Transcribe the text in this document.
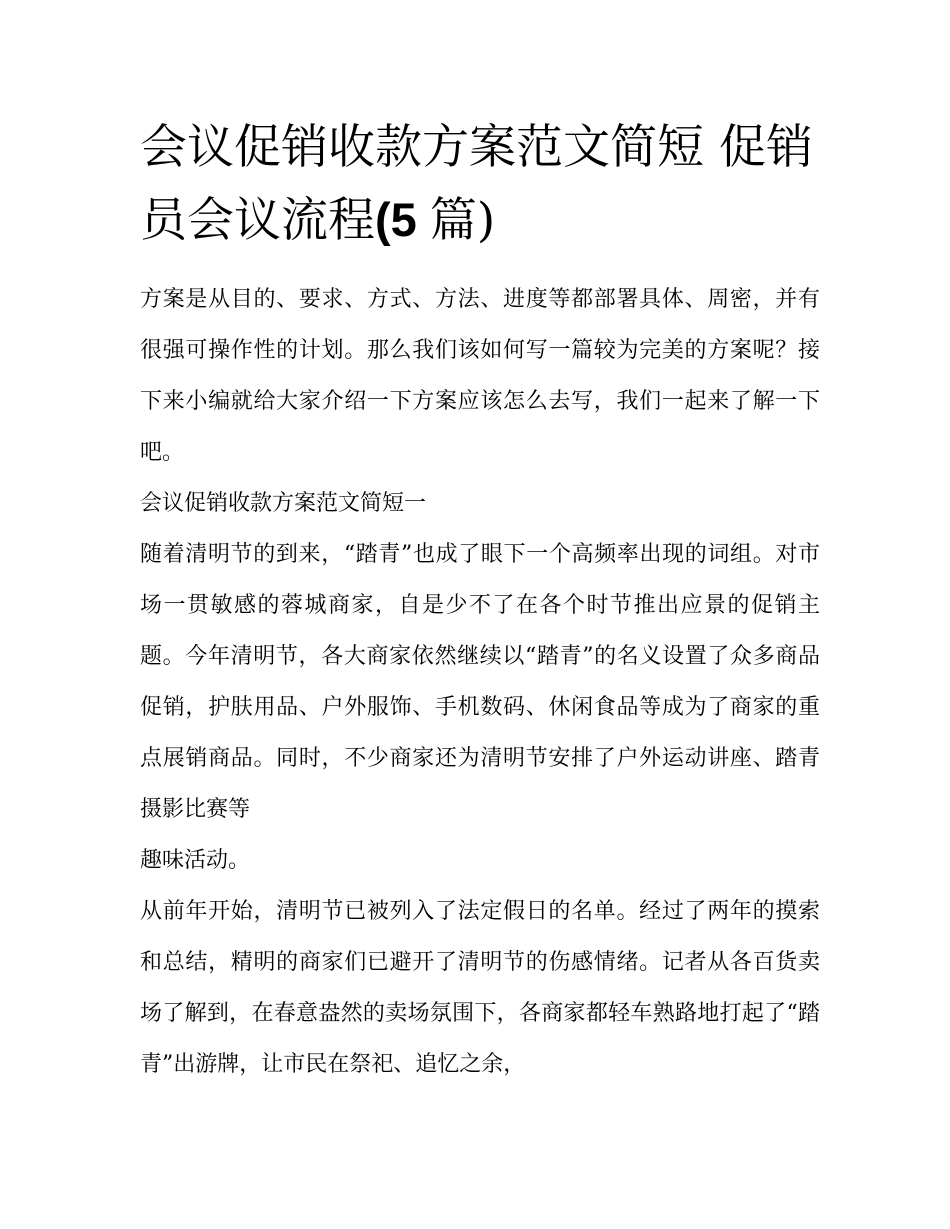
会议促销收款方案范文简短 促销员会议流程(5 篇)

方案是从目的、要求、方式、方法、进度等都部署具体、周密，并有很强可操作性的计划。那么我们该如何写一篇较为完美的方案呢？接下来小编就给大家介绍一下方案应该怎么去写，我们一起来了解一下吧。

会议促销收款方案范文简短一

随着清明节的到来，“踏青”也成了眼下一个高频率出现的词组。对市场一贯敏感的蓉城商家，自是少不了在各个时节推出应景的促销主题。今年清明节，各大商家依然继续以“踏青”的名义设置了众多商品促销，护肤用品、户外服饰、手机数码、休闲食品等成为了商家的重点展销商品。同时，不少商家还为清明节安排了户外运动讲座、踏青摄影比赛等

趣味活动。

从前年开始，清明节已被列入了法定假日的名单。经过了两年的摸索和总结，精明的商家们已避开了清明节的伤感情绪。记者从各百货卖场了解到，在春意盎然的卖场氛围下，各商家都轻车熟路地打起了“踏青”出游牌，让市民在祭祀、追忆之余，
